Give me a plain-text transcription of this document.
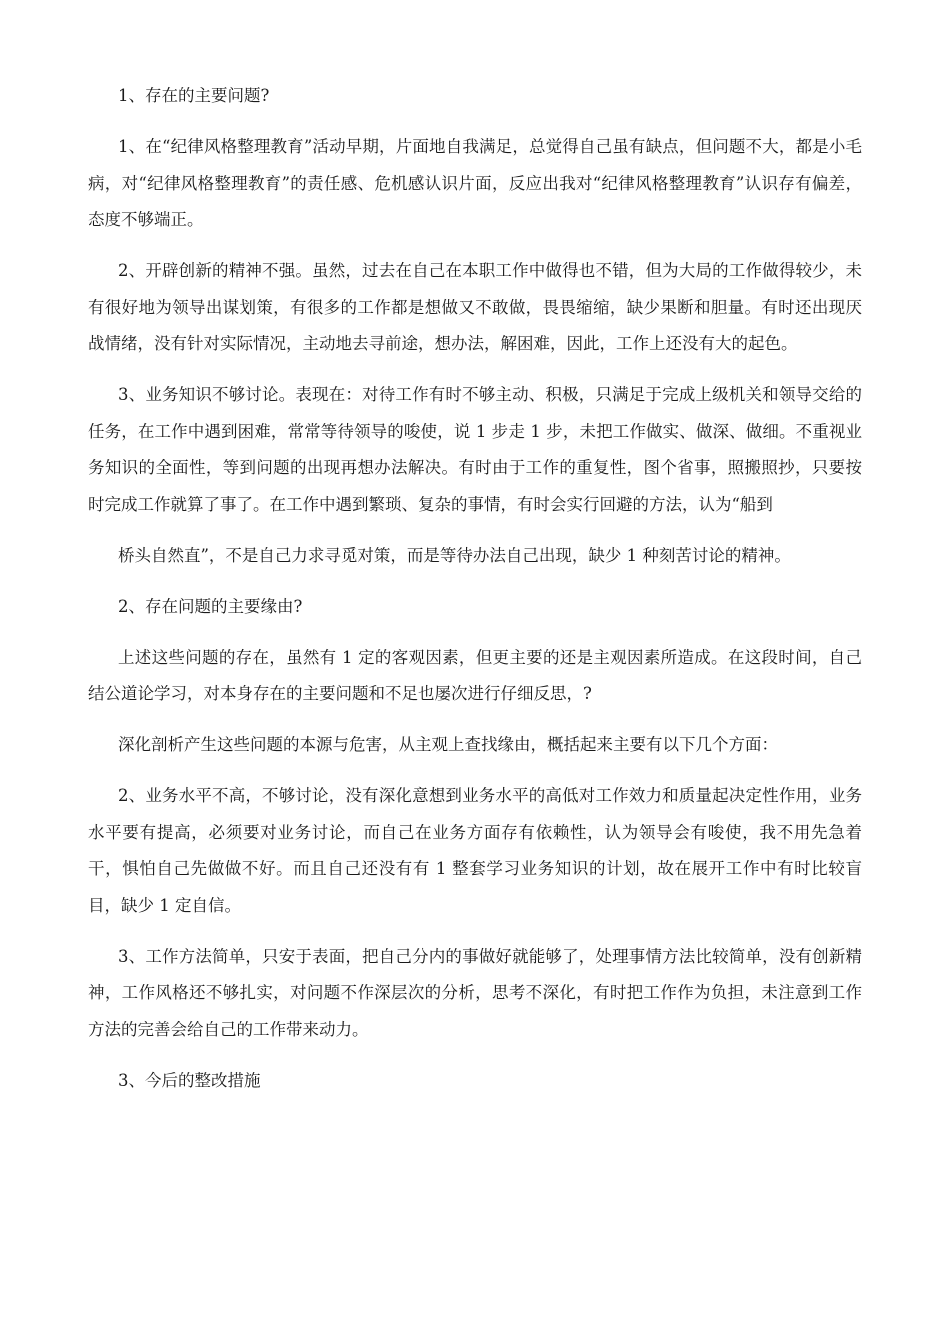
1、存在的主要问题?

1、在“纪律风格整理教育”活动早期，片面地自我满足，总觉得自己虽有缺点，但问题不大，都是小毛病，对“纪律风格整理教育”的责任感、危机感认识片面，反应出我对“纪律风格整理教育”认识存有偏差，态度不够端正。

2、开辟创新的精神不强。虽然，过去在自己在本职工作中做得也不错，但为大局的工作做得较少，未有很好地为领导出谋划策，有很多的工作都是想做又不敢做，畏畏缩缩，缺少果断和胆量。有时还出现厌战情绪，没有针对实际情况，主动地去寻前途，想办法，解困难，因此，工作上还没有大的起色。

3、业务知识不够讨论。表现在：对待工作有时不够主动、积极，只满足于完成上级机关和领导交给的任务，在工作中遇到困难，常常等待领导的唆使，说 1 步走 1 步，未把工作做实、做深、做细。不重视业务知识的全面性，等到问题的出现再想办法解决。有时由于工作的重复性，图个省事，照搬照抄，只要按时完成工作就算了事了。在工作中遇到繁琐、复杂的事情，有时会实行回避的方法，认为“船到

桥头自然直”，不是自己力求寻觅对策，而是等待办法自己出现，缺少 1 种刻苦讨论的精神。

2、存在问题的主要缘由?

上述这些问题的存在，虽然有 1 定的客观因素，但更主要的还是主观因素所造成。在这段时间，自己结公道论学习，对本身存在的主要问题和不足也屡次进行仔细反思，?

深化剖析产生这些问题的本源与危害，从主观上查找缘由，概括起来主要有以下几个方面：

2、业务水平不高，不够讨论，没有深化意想到业务水平的高低对工作效力和质量起决定性作用，业务水平要有提高，必须要对业务讨论，而自己在业务方面存有依赖性，认为领导会有唆使，我不用先急着干，惧怕自己先做做不好。而且自己还没有有 1 整套学习业务知识的计划，故在展开工作中有时比较盲目，缺少 1 定自信。

3、工作方法简单，只安于表面，把自己分内的事做好就能够了，处理事情方法比较简单，没有创新精神，工作风格还不够扎实，对问题不作深层次的分析，思考不深化，有时把工作作为负担，未注意到工作方法的完善会给自己的工作带来动力。

3、今后的整改措施
